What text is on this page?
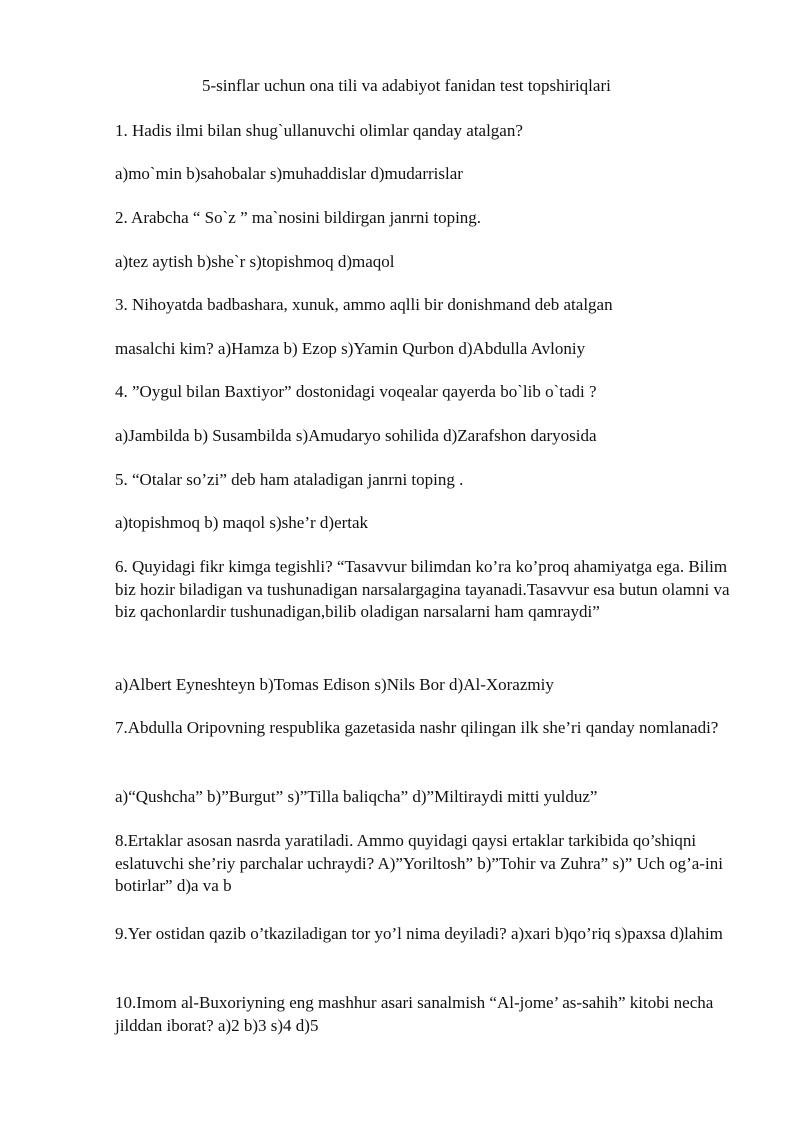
5-sinflar uchun ona tili va adabiyot fanidan test topshiriqlari
1. Hadis ilmi bilan shug`ullanuvchi olimlar qanday atalgan?
a)mo`min b)sahobalar s)muhaddislar d)mudarrislar
2. Arabcha “ So`z ” ma`nosini bildirgan janrni toping.
a)tez aytish b)she`r s)topishmoq d)maqol
3. Nihoyatda badbashara, xunuk, ammo aqlli bir donishmand deb atalgan
masalchi kim? a)Hamza b) Ezop s)Yamin Qurbon d)Abdulla Avloniy
4. ”Oygul bilan Baxtiyor” dostonidagi voqealar qayerda bo`lib o`tadi ?
a)Jambilda b) Susambilda s)Amudaryo sohilida d)Zarafshon daryosida
5. “Otalar so’zi” deb ham ataladigan janrni toping .
a)topishmoq b) maqol s)she’r d)ertak
6. Quyidagi fikr kimga tegishli? “Tasavvur bilimdan ko’ra ko’proq ahamiyatga ega. Bilim biz hozir biladigan va tushunadigan narsalargagina tayanadi.Tasavvur esa butun olamni va biz qachonlardir tushunadigan,bilib oladigan narsalarni ham qamraydi”
a)Albert Eyneshteyn b)Tomas Edison s)Nils Bor d)Al-Xorazmiy
7.Abdulla Oripovning respublika gazetasida nashr qilingan ilk she’ri qanday nomlanadi?
a)“Qushcha” b)”Burgut” s)”Tilla baliqcha” d)”Miltiraydi mitti yulduz”
8.Ertaklar asosan nasrda yaratiladi. Ammo quyidagi qaysi ertaklar tarkibida qo’shiqni eslatuvchi she’riy parchalar uchraydi? A)”Yoriltosh” b)”Tohir va Zuhra” s)” Uch og’a-ini botirlar” d)a va b
9.Yer ostidan qazib o’tkaziladigan tor yo’l nima deyiladi? a)xari b)qo’riq s)paxsa d)lahim
10.Imom al-Buxoriyning eng mashhur asari sanalmish “Al-jome’ as-sahih” kitobi necha jilddan iborat? a)2 b)3 s)4 d)5
